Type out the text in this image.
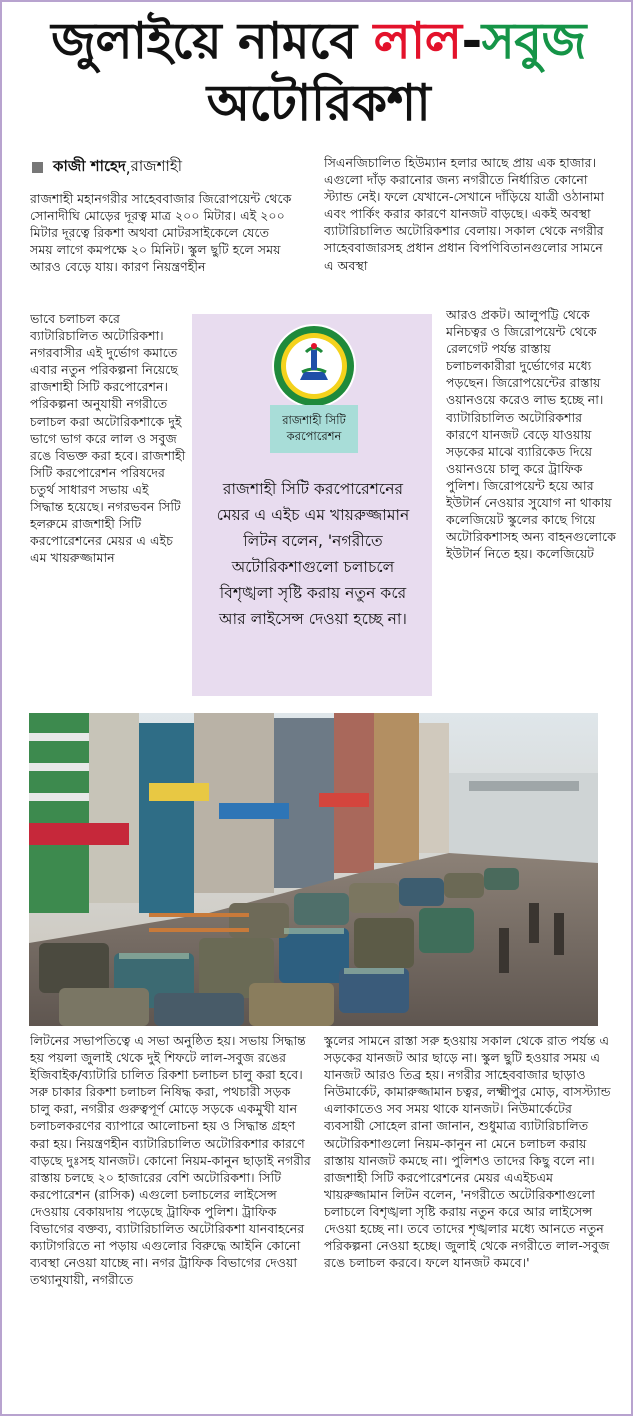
জুলাইয়ে নামবে লাল-সবুজ
অটোরিকশা
কাজী শাহেদ , রাজশাহী

রাজশাহী মহানগরীর সাহেববাজার জিরোপয়েন্ট থেকে সোনাদীঘি মোড়ের দূরত্ব মাত্র ২০০ মিটার। এই ২০০ মিটার দূরত্বে রিকশা অথবা মোটরসাইকেলে যেতে সময় লাগে কমপক্ষে ২০ মিনিট। স্কুল ছুটি হলে সময় আরও বেড়ে যায়। কারণ নিয়ন্ত্রণহীন

ভাবে চলাচল করে ব্যাটারিচালিত অটোরিকশা। নগরবাসীর এই দুর্ভোগ কমাতে এবার নতুন পরিকল্পনা নিয়েছে রাজশাহী সিটি করপোরেশন। পরিকল্পনা অনুযায়ী নগরীতে চলাচল করা অটোরিকশাকে দুই ভাগে ভাগ করে লাল ও সবুজ রঙে বিভক্ত করা হবে। রাজশাহী সিটি করপোরেশন পরিষদের চতুর্থ সাধারণ সভায় এই সিদ্ধান্ত হয়েছে। নগরভবন সিটি হলরুমে রাজশাহী সিটি করপোরেশনের মেয়র এ এইচ এম খায়রুজ্জামান

সিএনজিচালিত হিউম্যান হলার আছে প্রায় এক হাজার। এগুলো দাঁড় করানোর জন্য নগরীতে নির্ধারিত কোনো স্ট্যান্ড নেই। ফলে যেখানে-সেখানে দাঁড়িয়ে যাত্রী ওঠানামা এবং পার্কিং করার কারণে যানজট বাড়ছে। একই অবস্থা ব্যাটারিচালিত অটোরিকশার বেলায়। সকাল থেকে নগরীর সাহেববাজারসহ প্রধান প্রধান বিপণিবিতানগুলোর সামনে এ অবস্থা

আরও প্রকট। আলুপট্টি থেকে মনিচত্বর ও জিরোপয়েন্ট থেকে রেলগেট পর্যন্ত রাস্তায় চলাচলকারীরা দুর্ভোগের মধ্যে পড়ছেন। জিরোপয়েন্টের রাস্তায় ওয়ানওয়ে করেও লাভ হচ্ছে না। ব্যাটারিচালিত অটোরিকশার কারণে যানজট বেড়ে যাওয়ায় সড়কের মাঝে ব্যারিকেড দিয়ে ওয়ানওয়ে চালু করে ট্রাফিক পুলিশ। জিরোপয়েন্ট হয়ে আর ইউটার্ন নেওয়ার সুযোগ না থাকায় কলেজিয়েট স্কুলের কাছে গিয়ে অটোরিকশাসহ অন্য বাহনগুলোকে ইউটার্ন নিতে হয়। কলেজিয়েট

রাজশাহী সিটি
করপোরেশন
রাজশাহী সিটি করপোরেশনের মেয়র এ এইচ এম খায়রুজ্জামান লিটন বলেন, 'নগরীতে অটোরিকশাগুলো চলাচলে বিশৃঙ্খলা সৃষ্টি করায় নতুন করে আর লাইসেন্স দেওয়া হচ্ছে না।

লিটনের সভাপতিত্বে এ সভা অনুষ্ঠিত হয়। সভায় সিদ্ধান্ত হয় পয়লা জুলাই থেকে দুই শিফটে লাল-সবুজ রঙের ইজিবাইক/ব্যাটারি চালিত রিকশা চলাচল চালু করা হবে। সরু চাকার রিকশা চলাচল নিষিদ্ধ করা, পথচারী সড়ক চালু করা, নগরীর গুরুত্বপূর্ণ মোড়ে সড়কে একমুখী যান চলাচলকরণের ব্যাপারে আলোচনা হয় ও সিদ্ধান্ত গ্রহণ করা হয়। নিয়ন্ত্রণহীন ব্যাটারিচালিত অটোরিকশার কারণে বাড়ছে দুঃসহ যানজট। কোনো নিয়ম-কানুন ছাড়াই নগরীর রাস্তায় চলছে ২০ হাজারের বেশি অটোরিকশা। সিটি করপোরেশন (রাসিক) এগুলো চলাচলের লাইসেন্স দেওয়ায় বেকায়দায় পড়েছে ট্রাফিক পুলিশ। ট্রাফিক বিভাগের বক্তব্য, ব্যাটারিচালিত অটোরিকশা যানবাহনের ক্যাটাগরিতে না পড়ায় এগুলোর বিরুদ্ধে আইনি কোনো ব্যবস্থা নেওয়া যাচ্ছে না। নগর ট্রাফিক বিভাগের দেওয়া তথ্যানুযায়ী, নগরীতে

স্কুলের সামনে রাস্তা সরু হওয়ায় সকাল থেকে রাত পর্যন্ত এ সড়কের যানজট আর ছাড়ে না। স্কুল ছুটি হওয়ার সময় এ যানজট আরও তিব্র হয়। নগরীর সাহেববাজার ছাড়াও নিউমার্কেট, কামারুজ্জামান চত্বর, লক্ষ্মীপুর মোড়, বাসস্ট্যান্ড এলাকাতেও সব সময় থাকে যানজট। নিউমার্কেটের ব্যবসায়ী সোহেল রানা জানান, শুধুমাত্র ব্যাটারিচালিত অটোরিকশাগুলো নিয়ম-কানুন না মেনে চলাচল করায় রাস্তায় যানজট কমছে না। পুলিশও তাদের কিছু বলে না। রাজশাহী সিটি করপোরেশনের মেয়র এএইচএম খায়রুজ্জামান লিটন বলেন, 'নগরীতে অটোরিকশাগুলো চলাচলে বিশৃঙ্খলা সৃষ্টি করায় নতুন করে আর লাইসেন্স দেওয়া হচ্ছে না। তবে তাদের শৃঙ্খলার মধ্যে আনতে নতুন পরিকল্পনা নেওয়া হচ্ছে। জুলাই থেকে নগরীতে লাল-সবুজ রঙে চলাচল করবে। ফলে যানজট কমবে।'
